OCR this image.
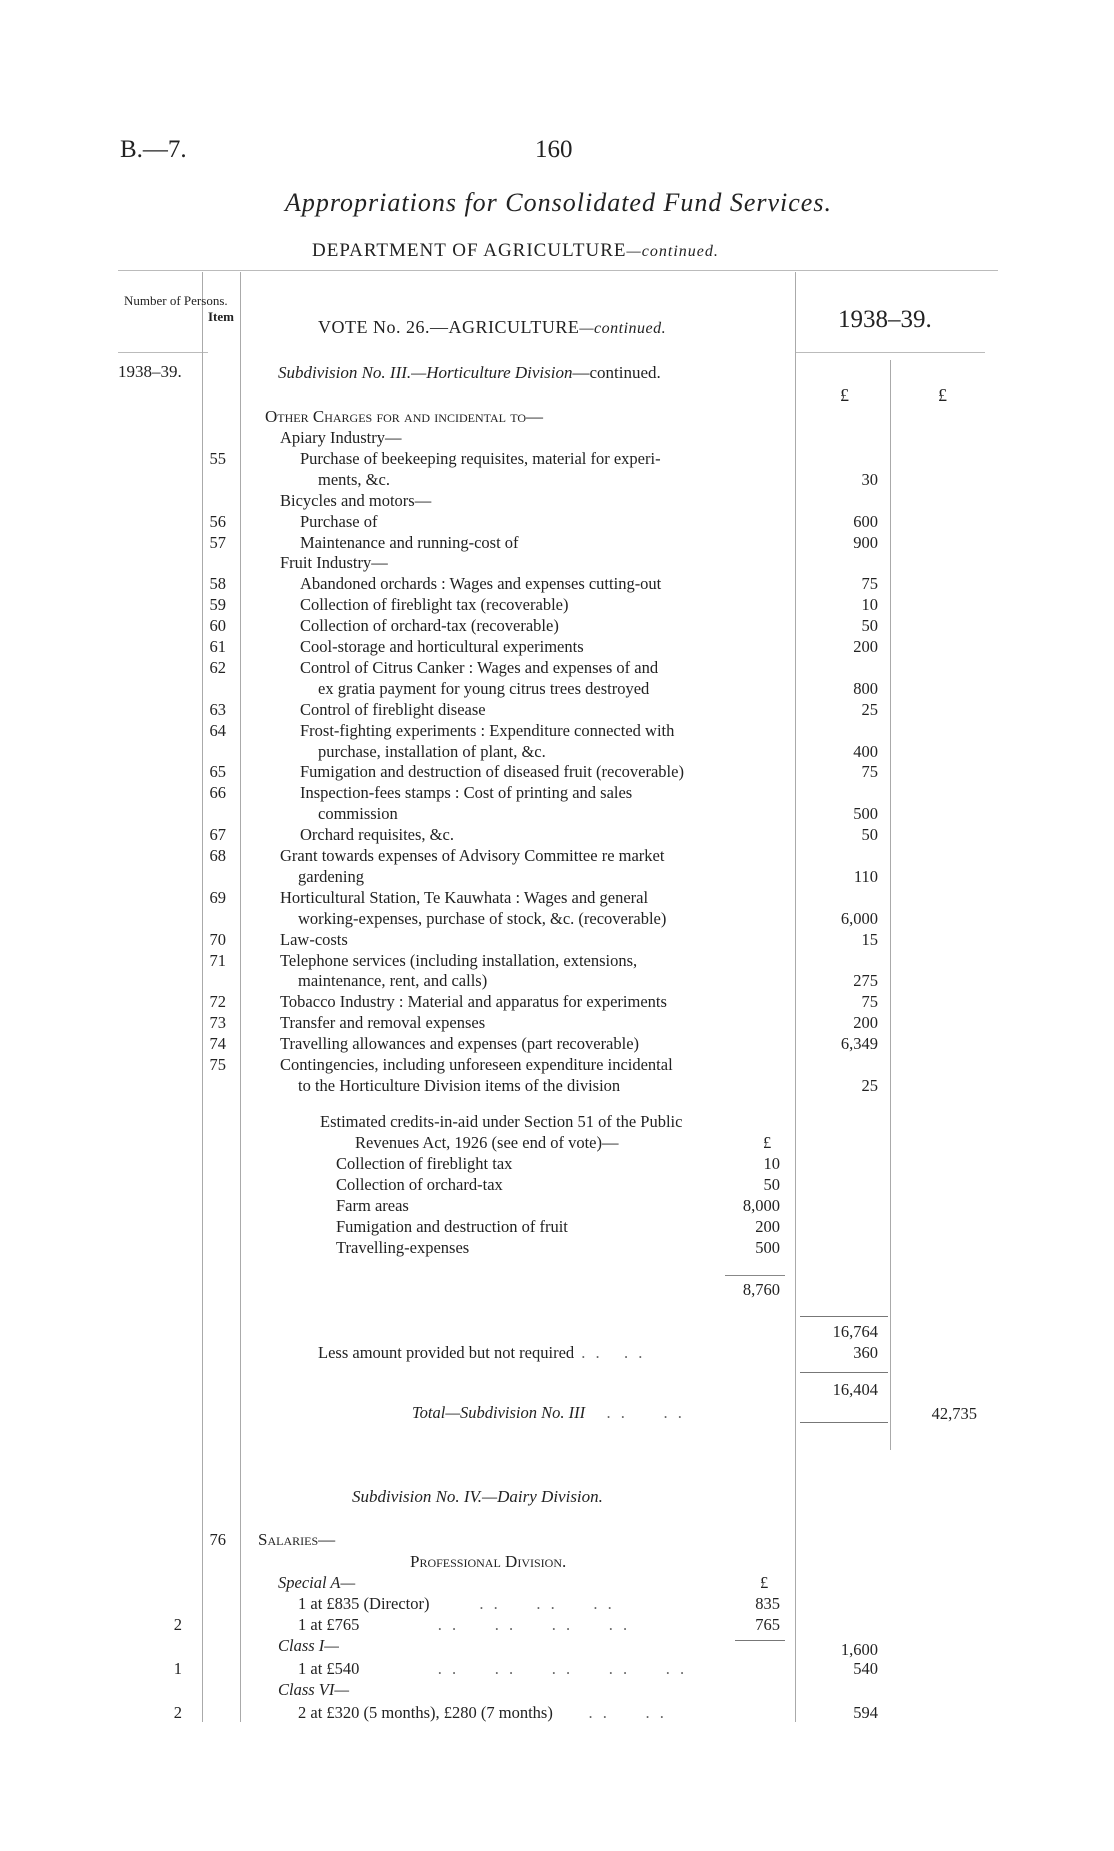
B.—7.	160
Appropriations for Consolidated Fund Services.
DEPARTMENT OF AGRICULTURE—continued.
Number of Persons.
Item
VOTE No. 26.—AGRICULTURE—continued.	1938–39.
1938–39.
£	£
Subdivision No. III.—Horticulture Division—continued.
Other Charges for and incidental to—
Apiary Industry—
55	Purchase of beekeeping requisites, material for experi-
ments, &c.	30
Bicycles and motors—
56	Purchase of	600
57	Maintenance and running-cost of	900
Fruit Industry—
58	Abandoned orchards : Wages and expenses cutting-out	75
59	Collection of fireblight tax (recoverable)	10
60	Collection of orchard-tax (recoverable)	50
61	Cool-storage and horticultural experiments	200
62	Control of Citrus Canker : Wages and expenses of and
ex gratia payment for young citrus trees destroyed	800
63	Control of fireblight disease	25
64	Frost-fighting experiments : Expenditure connected with
purchase, installation of plant, &c.	400
65	Fumigation and destruction of diseased fruit (recoverable)	75
66	Inspection-fees stamps : Cost of printing and sales
commission	500
67	Orchard requisites, &c.	50
68	Grant towards expenses of Advisory Committee re market
gardening	110
69	Horticultural Station, Te Kauwhata : Wages and general
working-expenses, purchase of stock, &c. (recoverable)	6,000
70	Law-costs	15
71	Telephone services (including installation, extensions,
maintenance, rent, and calls)	275
72	Tobacco Industry : Material and apparatus for experiments	75
73	Transfer and removal expenses	200
74	Travelling allowances and expenses (part recoverable)	6,349
75	Contingencies, including unforeseen expenditure incidental
to the Horticulture Division items of the division	25
Estimated credits-in-aid under Section 51 of the Public
Revenues Act, 1926 (see end of vote)—	£
Collection of fireblight tax	10
Collection of orchard-tax	50
Farm areas	8,000
Fumigation and destruction of fruit	200
Travelling-expenses	500
8,760
16,764
Less amount provided but not required . .   . .	360
16,404
Total—Subdivision No. III   . .     . .	42,735
Subdivision No. IV.—Dairy Division.
76 Salaries—
Professional Division.
£
Special A—
1 at £835 (Director)       . .     . .     . .	835
2	1 at £765           . .     . .     . .     . .	765
Class I—	1,600
1	1 at £540           . .     . .     . .     . .     . .	540
Class VI—
2	2 at £320 (5 months), £280 (7 months)     . .     . .	594
